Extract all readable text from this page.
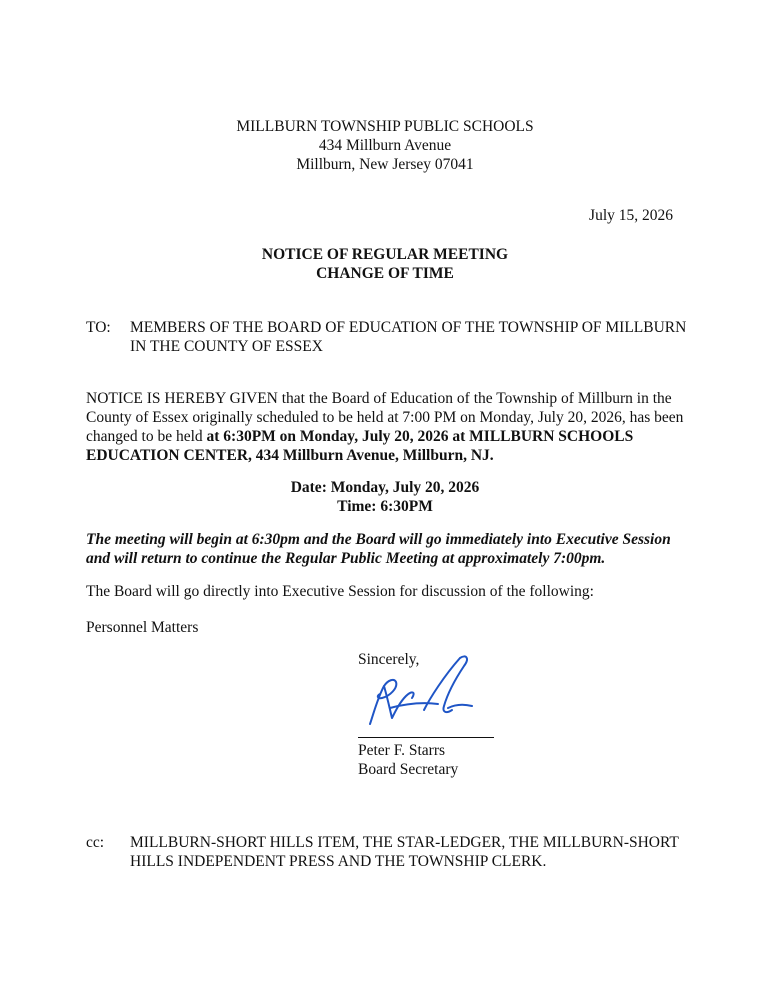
MILLBURN TOWNSHIP PUBLIC SCHOOLS
434 Millburn Avenue
Millburn, New Jersey 07041
July 15, 2026
NOTICE OF REGULAR MEETING
CHANGE OF TIME
TO: MEMBERS OF THE BOARD OF EDUCATION OF THE TOWNSHIP OF MILLBURN
IN THE COUNTY OF ESSEX
NOTICE IS HEREBY GIVEN that the Board of Education of the Township of Millburn in the
County of Essex originally scheduled to be held at 7:00 PM on Monday, July 20, 2026, has been
changed to be held at 6:30PM on Monday, July 20, 2026 at MILLBURN SCHOOLS
EDUCATION CENTER, 434 Millburn Avenue, Millburn, NJ.
Date: Monday, July 20, 2026
Time: 6:30PM
The meeting will begin at 6:30pm and the Board will go immediately into Executive Session
and will return to continue the Regular Public Meeting at approximately 7:00pm.
The Board will go directly into Executive Session for discussion of the following:
Personnel Matters
Sincerely,
Peter F. Starrs
Board Secretary
cc: MILLBURN-SHORT HILLS ITEM, THE STAR-LEDGER, THE MILLBURN-SHORT
HILLS INDEPENDENT PRESS AND THE TOWNSHIP CLERK.
